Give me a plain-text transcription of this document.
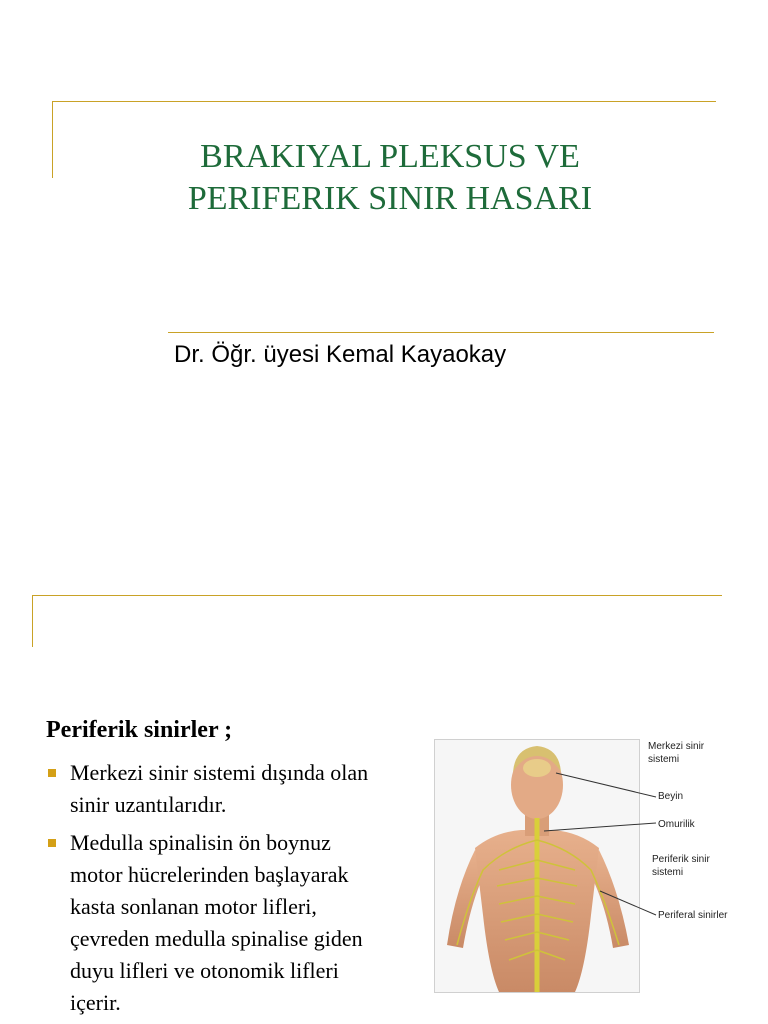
BRAKIYAL PLEKSUS VE
PERIFERIK SINIR HASARI
Dr. Öğr. üyesi Kemal Kayaokay
Periferik sinirler ;
Merkezi sinir sistemi dışında olan sinir uzantılarıdır.
Medulla spinalisin ön boynuz motor hücrelerinden başlayarak kasta sonlanan motor lifleri, çevreden medulla spinalise giden duyu lifleri ve otonomik lifleri içerir.
Merkezi sinir
sistemi
Beyin
Omurilik
Periferik sinir
sistemi
Periferal sinirler
